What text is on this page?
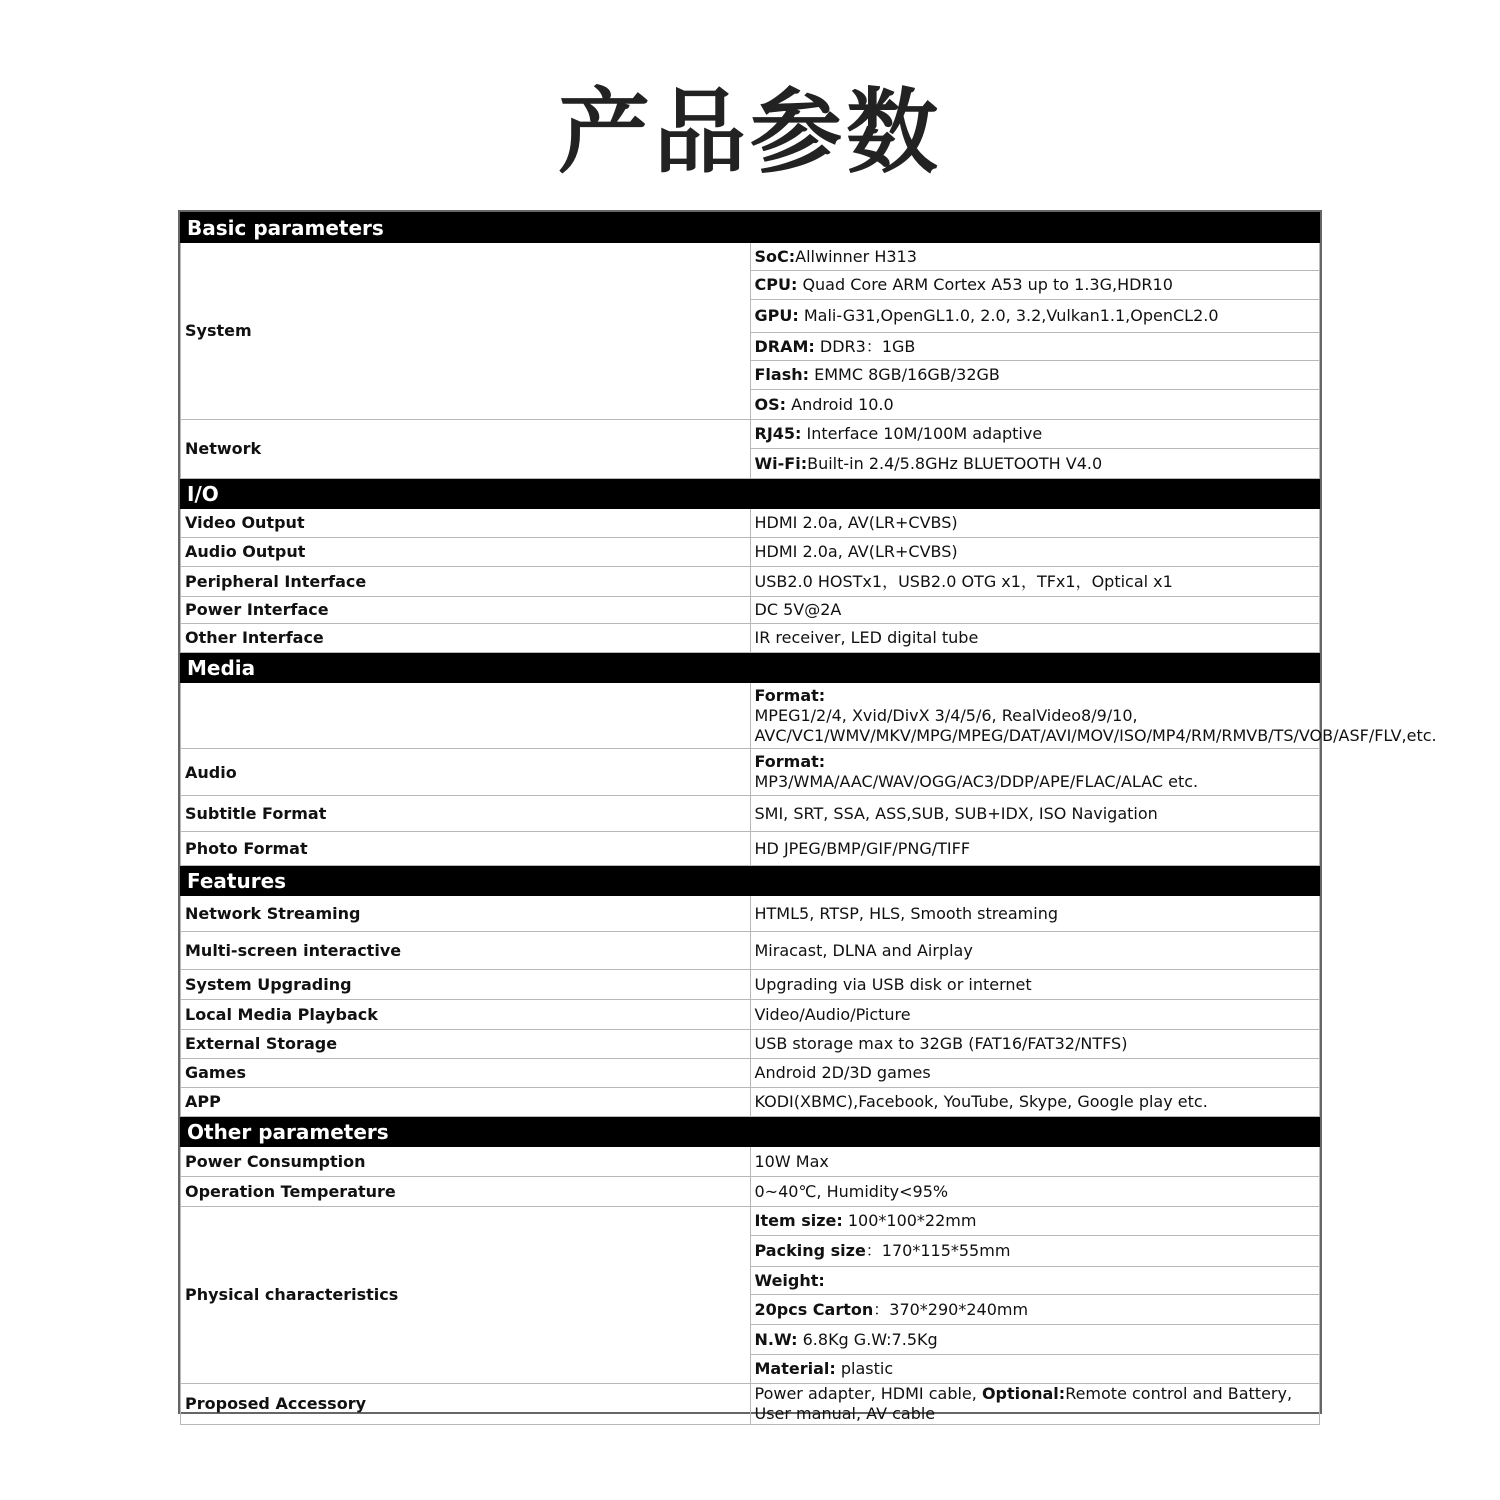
产品参数
Basic parameters	
System	SoC:Allwinner H313
	CPU: Quad Core ARM Cortex A53 up to 1.3G,HDR10
	GPU: Mali-G31,OpenGL1.0, 2.0, 3.2,Vulkan1.1,OpenCL2.0
	DRAM: DDR3：1GB
	Flash: EMMC 8GB/16GB/32GB
	OS: Android 10.0
Network	RJ45: Interface 10M/100M adaptive
	Wi-Fi:Built-in 2.4/5.8GHz BLUETOOTH V4.0
I/O	
Video Output	HDMI 2.0a, AV(LR+CVBS)
Audio Output	HDMI 2.0a, AV(LR+CVBS)
Peripheral Interface	USB2.0 HOSTx1，USB2.0 OTG x1，TFx1，Optical x1
Power Interface	DC 5V@2A
Other Interface	IR receiver, LED digital tube
Media	

	Format:
MPEG1/2/4, Xvid/DivX 3/4/5/6, RealVideo8/9/10,
AVC/VC1/WMV/MKV/MPG/MPEG/DAT/AVI/MOV/ISO/MP4/RM/RMVB/TS/VOB/ASF/FLV,etc.

Audio	Format:
MP3/WMA/AAC/WAV/OGG/AC3/DDP/APE/FLAC/ALAC etc.

Subtitle Format	SMI, SRT, SSA, ASS,SUB, SUB+IDX, ISO Navigation
Photo Format	HD JPEG/BMP/GIF/PNG/TIFF
Features	
Network Streaming	HTML5, RTSP, HLS, Smooth streaming
Multi-screen interactive	Miracast, DLNA and Airplay
System Upgrading	Upgrading via USB disk or internet
Local Media Playback	Video/Audio/Picture
External Storage	USB storage max to 32GB (FAT16/FAT32/NTFS)
Games	Android 2D/3D games
APP	KODI(XBMC),Facebook, YouTube, Skype, Google play etc.
Other parameters	
Power Consumption	10W Max
Operation Temperature	0~40℃, Humidity<95%
Physical characteristics	Item size: 100*100*22mm
	Packing size：170*115*55mm
	Weight:
	20pcs Carton：370*290*240mm
	N.W: 6.8Kg G.W:7.5Kg
	Material: plastic
Proposed Accessory	Power adapter, HDMI cable, Optional:Remote control and Battery, User manual, AV cable
